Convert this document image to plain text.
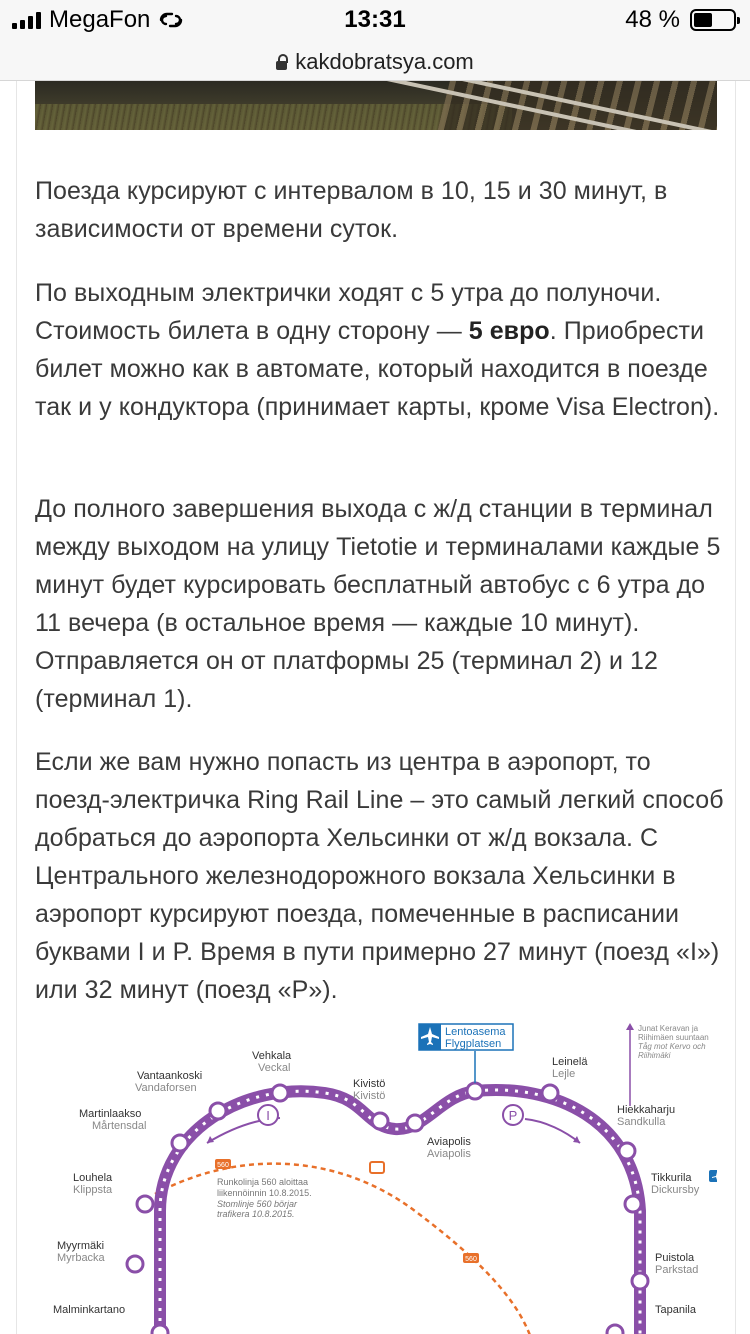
MegaFon	13:31	48 %
kakdobratsya.com

Поезда курсируют с интервалом в 10, 15 и 30 минут, в зависимости от времени суток.

По выходным электрички ходят с 5 утра до полуночи. Стоимость билета в одну сторону — 5 евро. Приобрести билет можно как в автомате, который находится в поезде так и у кондуктора (принимает карты, кроме Visa Electron).

До полного завершения выхода с ж/д станции в терминал между выходом на улицу Tietotie и терминалами каждые 5 минут будет курсировать бесплатный автобус с 6 утра до 11 вечера (в остальное время — каждые 10 минут). Отправляется он от платформы 25 (терминал 2) и 12 (терминал 1).

Если же вам нужно попасть из центра в аэропорт, то поезд-электричка Ring Rail Line – это самый легкий способ добраться до аэропорта Хельсинки от ж/д вокзала. С Центрального железнодорожного вокзала Хельсинки в аэропорт курсируют поезда, помеченные в расписании буквами I и P. Время в пути примерно 27 минут (поезд «I») или 32 минут (поезд «P»).

560
560
Runkolinja 560 aloittaa liikennöinnin 10.8.2015. Stomlinje 560 börjar trafikera 10.8.2015.
I	P
Lentoasema
Flygplatsen
Junat Keravan ja Riihimäen suuntaan Tåg mot Kervo och Riihimäki
Vantaankoski
Vandaforsen
Vehkala
Veckal
Kivistö
Kivistö
Aviapolis
Aviapolis
Leinelä
Lejle
Martinlaakso
Mårtensdal
Hiekkaharju
Sandkulla
Louhela
Klippsta
Tikkurila
Dickursby
Myyrmäki
Myrbacka	Puistola
Parkstad
Malminkartano	Tapanila
